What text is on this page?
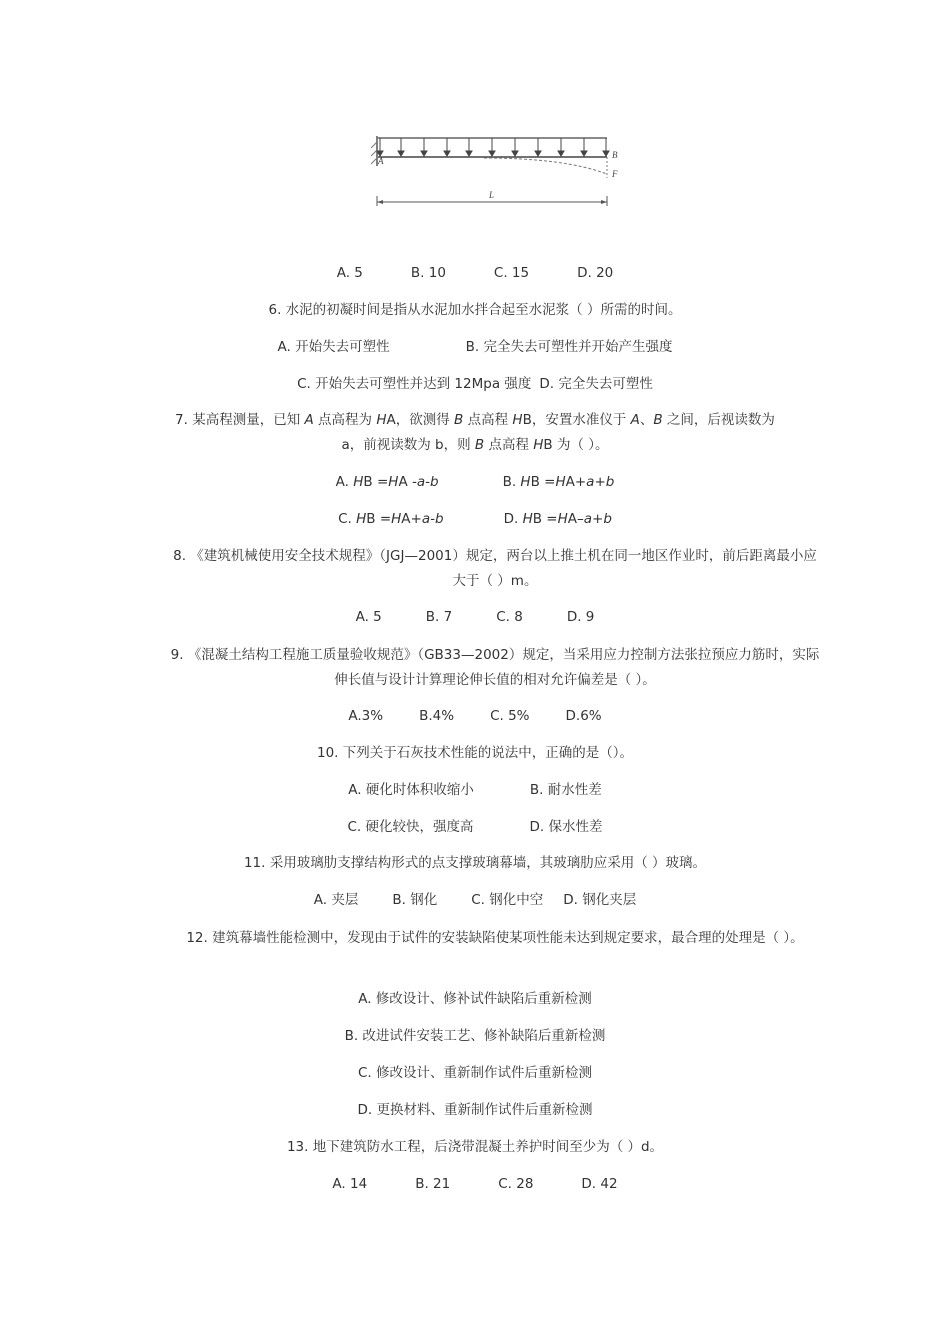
A
B
F
L
A. 5	B. 10	C. 15	D. 20
6. 水泥的初凝时间是指从水泥加水拌合起至水泥浆（ ）所需的时间。
A. 开始失去可塑性	B. 完全失去可塑性并开始产生强度
C. 开始失去可塑性并达到 12Mpa 强度 D. 完全失去可塑性
7. 某高程测量，已知 A 点高程为 HA，欲测得 B 点高程 HB，安置水准仪于 A、B 之间，后视读数为
a，前视读数为 b，则 B 点高程 HB 为（ ）。
A. HB =HA -a-b	B. HB =HA+a+b
C. HB =HA+a-b	D. HB =HA–a+b
8. 《建筑机械使用安全技术规程》（JGJ—2001）规定，两台以上推土机在同一地区作业时，前后距离最小应大于（ ）m。
A. 5	B. 7	C. 8	D. 9
9. 《混凝土结构工程施工质量验收规范》（GB33—2002）规定，当采用应力控制方法张拉预应力筋时，实际伸长值与设计计算理论伸长值的相对允许偏差是（ ）。
A.3%	B.4%	C. 5%	D.6%
10. 下列关于石灰技术性能的说法中，正确的是（）。
A. 硬化时体积收缩小	B. 耐水性差
C. 硬化较快，强度高	D. 保水性差
11. 采用玻璃肋支撑结构形式的点支撑玻璃幕墙，其玻璃肋应采用（ ）玻璃。
A. 夹层	B. 钢化	C. 钢化中空 D. 钢化夹层
12. 建筑幕墙性能检测中，发现由于试件的安装缺陷使某项性能未达到规定要求，最合理的处理是（ ）。
A. 修改设计、修补试件缺陷后重新检测
B. 改进试件安装工艺、修补缺陷后重新检测
C. 修改设计、重新制作试件后重新检测
D. 更换材料、重新制作试件后重新检测
13. 地下建筑防水工程，后浇带混凝土养护时间至少为（ ）d。
A. 14	B. 21	C. 28	D. 42
